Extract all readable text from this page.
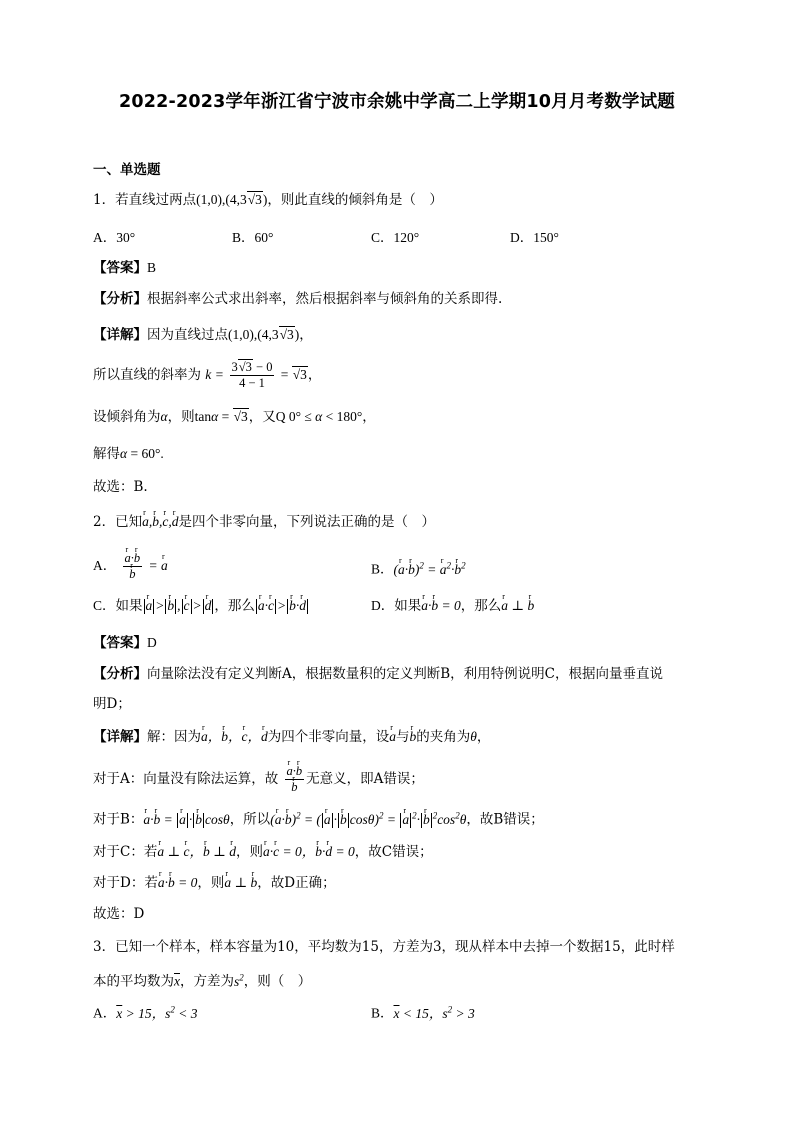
2022-2023学年浙江省宁波市余姚中学高二上学期10月月考数学试题
一、单选题
1．若直线过两点(1,0),(4,3√3)，则此直线的倾斜角是（　）
A．30°	B．60°	C．120°	D．150°
【答案】B
【分析】根据斜率公式求出斜率，然后根据斜率与倾斜角的关系即得.
【详解】因为直线过点(1,0),(4,3√3)，
所以直线的斜率为 $k = \frac{3√3 - 0}{4 - 1} = √3$，
设倾斜角为α，则tanα = √3，又Q 0° ≤ α < 180°，
解得α = 60°.
故选：B.
2．已知r a,r b,r c,r d是四个非零向量，下列说法正确的是（　）
A． r a·r b
r b = r a	B．(r a·r b)$^2$ = r $a^2\cdot r$ $b^2$
C．如果 r a > r b , r c > r d ，那么 r a·r c > r b·r d	D．如果r a·r b = 0，那么r a ⊥ r b
【答案】D
【分析】向量除法没有定义判断A，根据数量积的定义判断B，利用特例说明C，根据向量垂直说
明D；
【详解】解：因为r a，r b，r c，r d为四个非零向量，设r a与r b的夹角为θ，
对于A：向量没有除法运算，故 r a·r b
r b 无意义，即A错误；
对于B：r a·r b = r a · r b cosθ，所以(r a·r b)$^2$ = ( r a · r b cosθ)$^2$ = r a $^2$· r b $^2\cos^2\theta$，故B错误；
对于C：若r a ⊥ r c，r b ⊥ r d，则r a·r c = 0，r b·r d = 0，故C错误；
对于D：若r a·r b = 0，则r a ⊥ r b，故D正确；
故选：D
3．已知一个样本，样本容量为10，平均数为15，方差为3，现从样本中去掉一个数据15，此时样
本的平均数为$\overline{x}$，方差为$s^2$，则（　）
A．$\overline{x} > 15$，$s^2 < 3$	B．$\overline{x} < 15$，$s^2 > 3$
